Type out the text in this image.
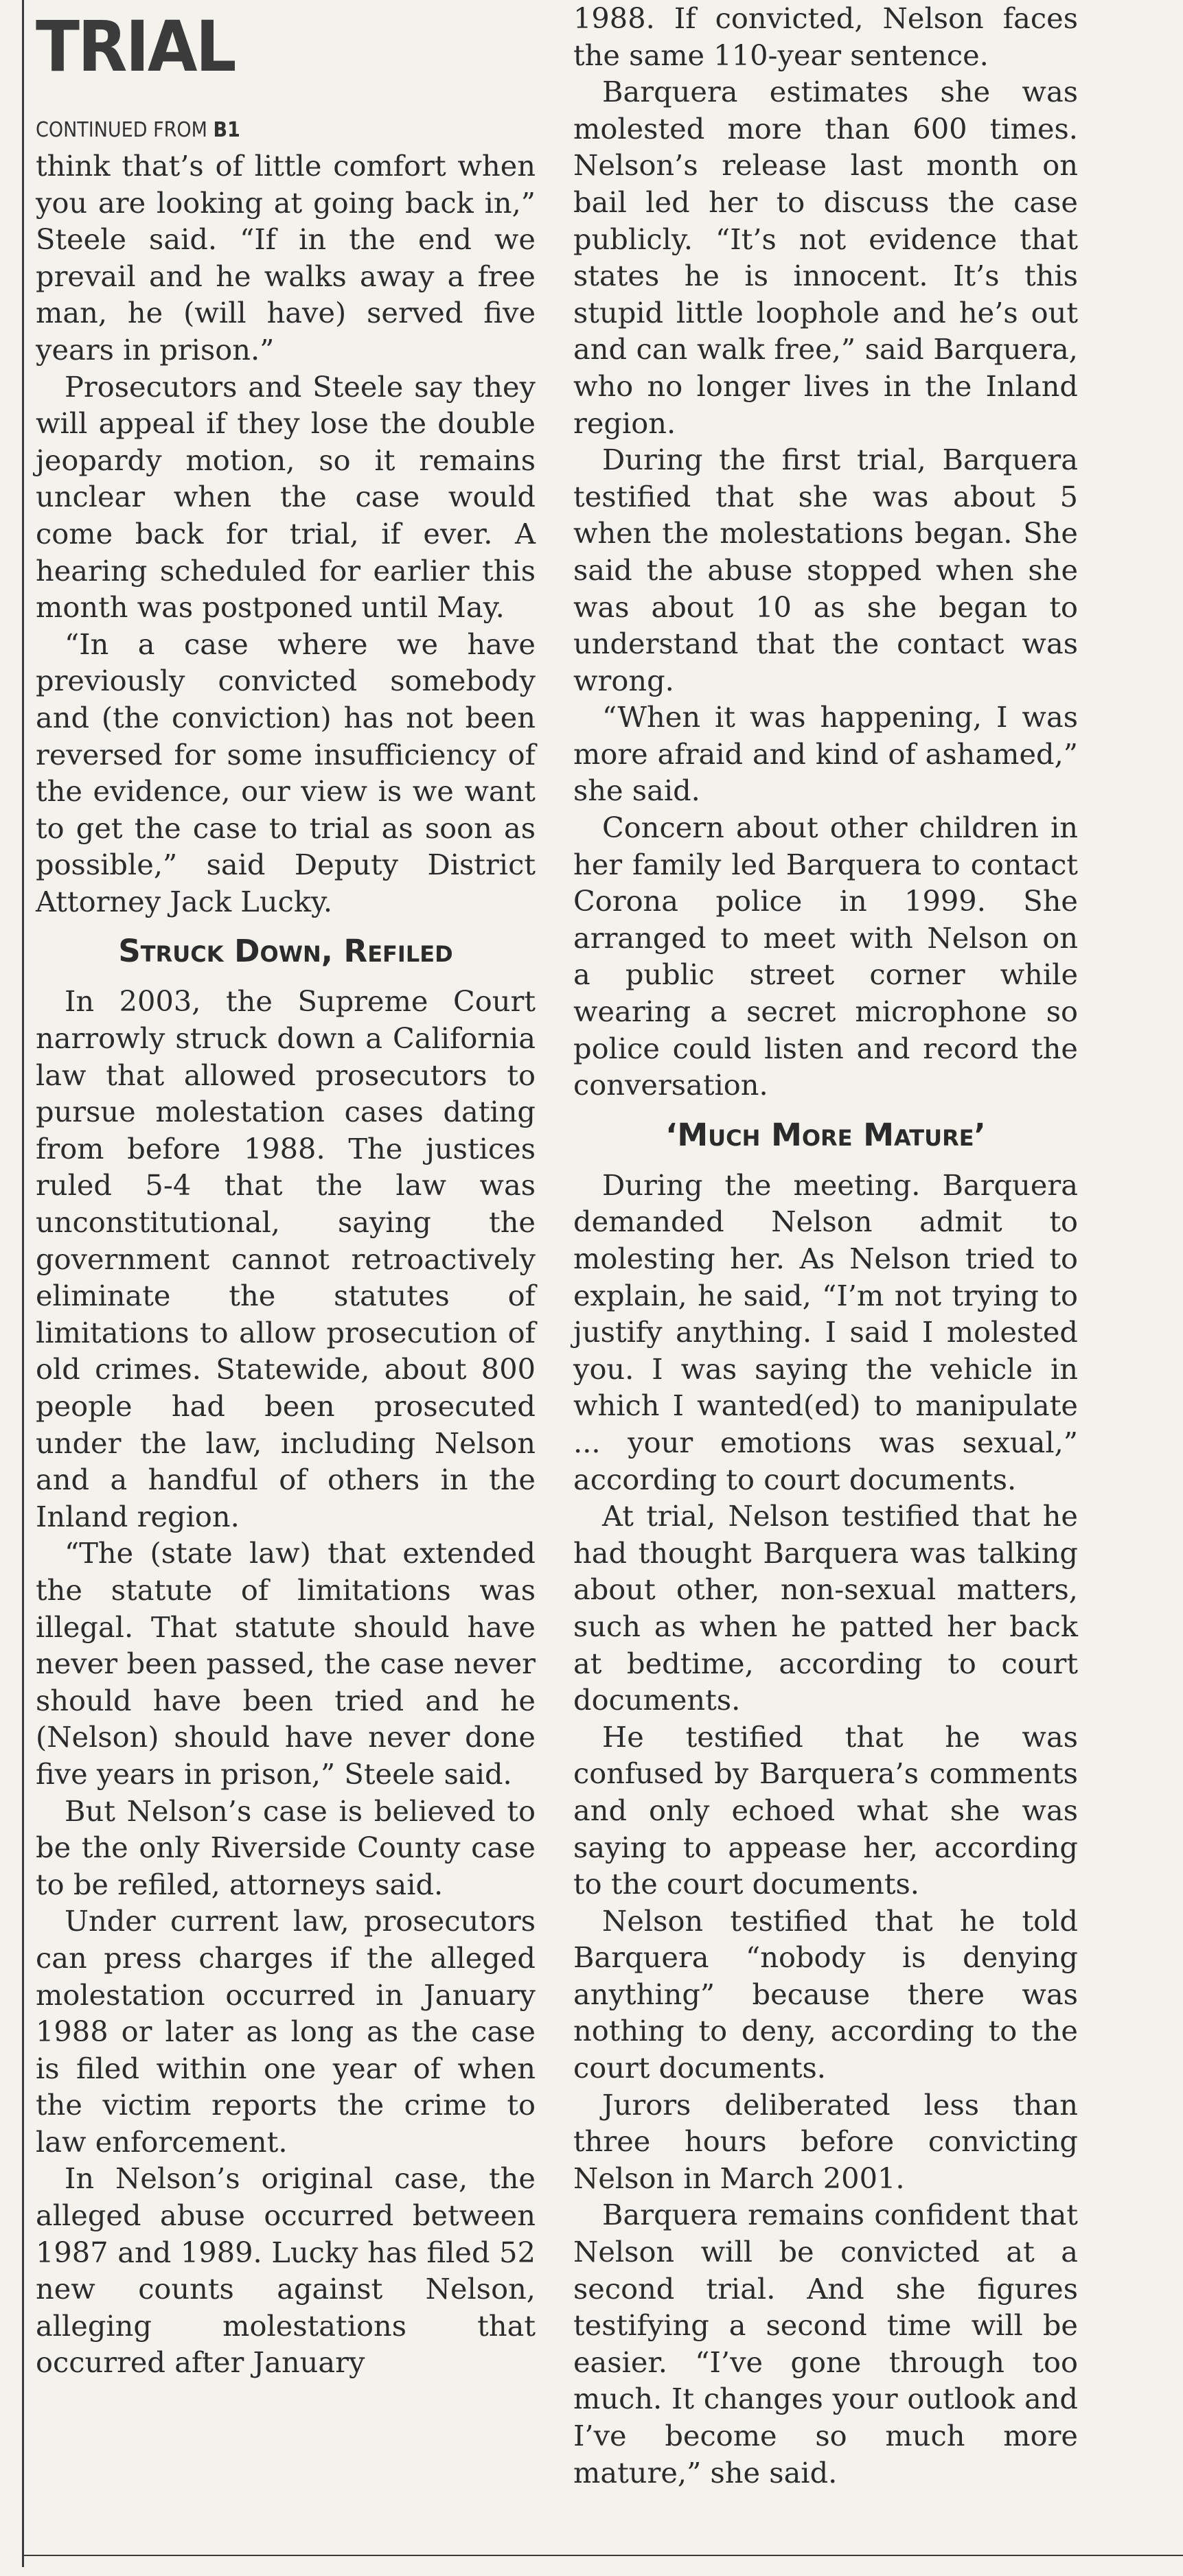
TRIAL
CONTINUED FROM B1

think that’s of little comfort when you are looking at going back in,” Steele said. “If in the end we prevail and he walks away a free man, he (will have) served five years in prison.”

Prosecutors and Steele say they will appeal if they lose the double jeopardy motion, so it remains unclear when the case would come back for trial, if ever. A hearing scheduled for earlier this month was postponed until May.

“In a case where we have previously convicted somebody and (the conviction) has not been reversed for some insufficiency of the evidence, our view is we want to get the case to trial as soon as possible,” said Deputy District Attorney Jack Lucky.

Struck Down, Refiled

In 2003, the Supreme Court narrowly struck down a California law that allowed prosecutors to pursue molestation cases dating from before 1988. The justices ruled 5-4 that the law was unconstitutional, saying the government cannot retroactively eliminate the statutes of limitations to allow prosecution of old crimes. Statewide, about 800 people had been prosecuted under the law, including Nelson and a handful of others in the Inland region.

“The (state law) that extended the statute of limitations was illegal. That statute should have never been passed, the case never should have been tried and he (Nelson) should have never done five years in prison,” Steele said.

But Nelson’s case is believed to be the only Riverside County case to be refiled, attorneys said.

Under current law, prosecutors can press charges if the alleged molestation occurred in January 1988 or later as long as the case is filed within one year of when the victim reports the crime to law enforcement.

In Nelson’s original case, the alleged abuse occurred between 1987 and 1989. Lucky has filed 52 new counts against Nelson, alleging molestations that occurred after January

1988. If convicted, Nelson faces the same 110-year sentence.

Barquera estimates she was molested more than 600 times. Nelson’s release last month on bail led her to discuss the case publicly. “It’s not evidence that states he is innocent. It’s this stupid little loophole and he’s out and can walk free,” said Barquera, who no longer lives in the Inland region.

During the first trial, Barquera testified that she was about 5 when the molestations began. She said the abuse stopped when she was about 10 as she began to understand that the contact was wrong.

“When it was happening, I was more afraid and kind of ashamed,” she said.

Concern about other children in her family led Barquera to contact Corona police in 1999. She arranged to meet with Nelson on a public street corner while wearing a secret microphone so police could listen and record the conversation.

‘Much More Mature’

During the meeting. Barquera demanded Nelson admit to molesting her. As Nelson tried to explain, he said, “I’m not trying to justify anything. I said I molested you. I was saying the vehicle in which I wanted(ed) to manipulate ... your emotions was sexual,” according to court documents.

At trial, Nelson testified that he had thought Barquera was talking about other, non-sexual matters, such as when he patted her back at bedtime, according to court documents.

He testified that he was confused by Barquera’s comments and only echoed what she was saying to appease her, according to the court documents.

Nelson testified that he told Barquera “nobody is denying anything” because there was nothing to deny, according to the court documents.

Jurors deliberated less than three hours before convicting Nelson in March 2001.

Barquera remains confident that Nelson will be convicted at a second trial. And she figures testifying a second time will be easier. “I’ve gone through too much. It changes your outlook and I’ve become so much more mature,” she said.
